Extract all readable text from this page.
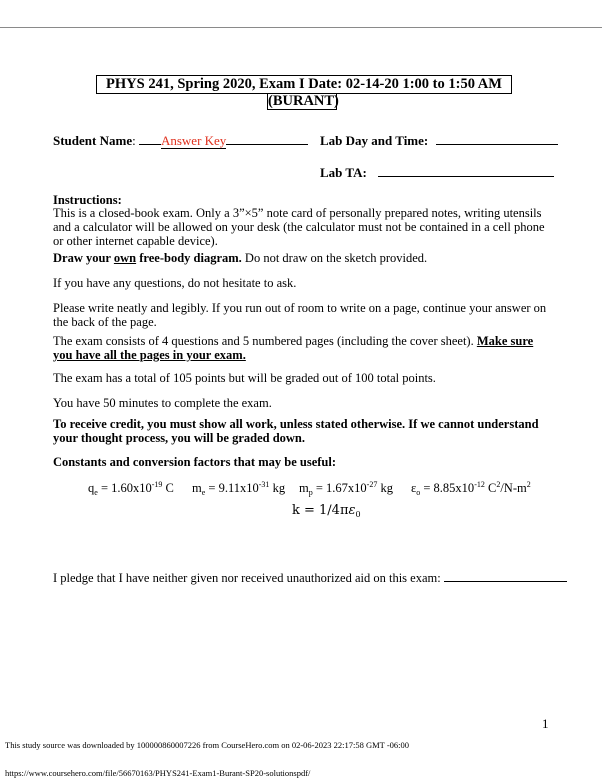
PHYS 241, Spring 2020, Exam I Date: 02-14-20 1:00 to 1:50 AM
(BURANT)
Student Name: Answer Key	Lab Day and Time:
Lab TA:
Instructions:
This is a closed-book exam. Only a 3”×5” note card of personally prepared notes, writing utensils and a calculator will be allowed on your desk (the calculator must not be contained in a cell phone or other internet capable device).
Draw your own free-body diagram. Do not draw on the sketch provided.
If you have any questions, do not hesitate to ask.
Please write neatly and legibly. If you run out of room to write on a page, continue your answer on the back of the page.
The exam consists of 4 questions and 5 numbered pages (including the cover sheet). Make sure you have all the pages in your exam.
The exam has a total of 105 points but will be graded out of 100 total points.
You have 50 minutes to complete the exam.
To receive credit, you must show all work, unless stated otherwise. If we cannot understand your thought process, you will be graded down.
Constants and conversion factors that may be useful:
$q_e = 1.60x10^{-19}$ C $m_e = 9.11x10^{-31}$ kg $m_p = 1.67x10^{-27}$ kg $\varepsilon_o = 8.85x10^{-12}$ $C^2/N-m^2$
$k = 1/4\pi\varepsilon_0$
I pledge that I have neither given nor received unauthorized aid on this exam:
1
This study source was downloaded by 100000860007226 from CourseHero.com on 02-06-2023 22:17:58 GMT -06:00
https://www.coursehero.com/file/56670163/PHYS241-Exam1-Burant-SP20-solutionspdf/
